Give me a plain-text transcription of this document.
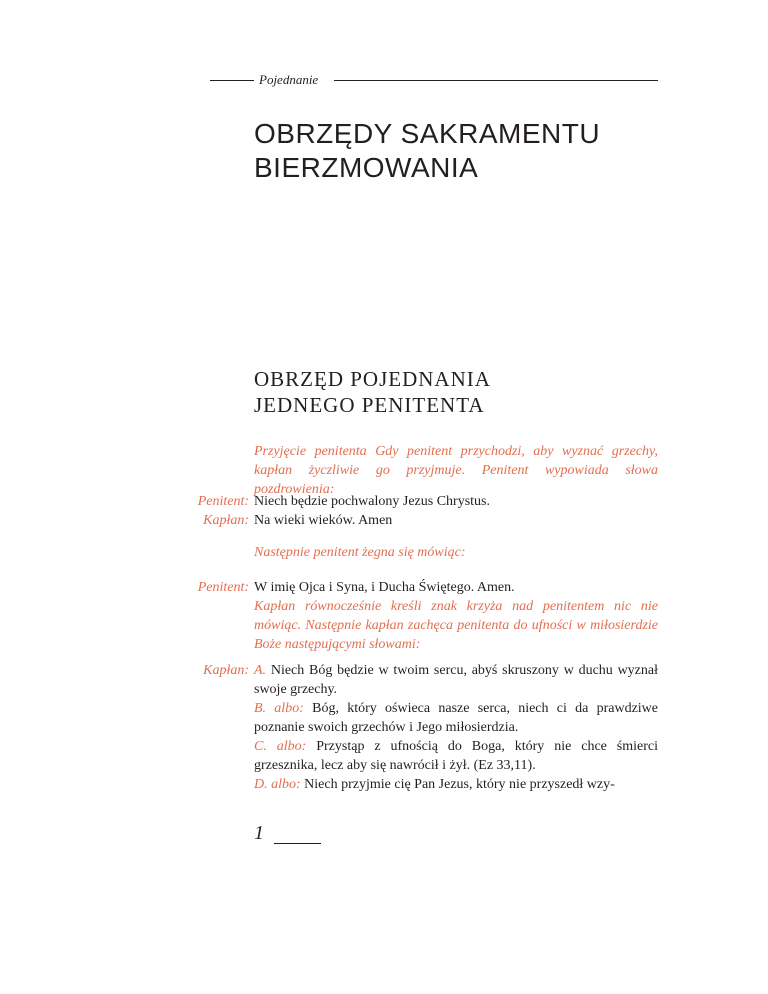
Pojednanie
OBRZĘDY SAKRAMENTU
BIERZMOWANIA
OBRZĘD POJEDNANIA
JEDNEGO PENITENTA
Przyjęcie penitenta Gdy penitent przychodzi, aby wyznać grzechy, kapłan życzliwie go przyjmuje. Penitent wypowiada słowa pozdrowienia:
Penitent: Niech będzie pochwalony Jezus Chrystus.
Kapłan: Na wieki wieków. Amen
Następnie penitent żegna się mówiąc:
Penitent: W imię Ojca i Syna, i Ducha Świętego. Amen.
Kapłan równocześnie kreśli znak krzyża nad penitentem nic nie mówiąc. Następnie kapłan zachęca penitenta do ufności w miłosierdzie Boże następującymi słowami:
Kapłan: A. Niech Bóg będzie w twoim sercu, abyś skruszony w duchu wyznał swoje grzechy.
B. albo: Bóg, który oświeca nasze serca, niech ci da prawdziwe poznanie swoich grzechów i Jego miłosierdzia.
C. albo: Przystąp z ufnością do Boga, który nie chce śmierci grzesznika, lecz aby się nawrócił i żył. (Ez 33,11).
D. albo: Niech przyjmie cię Pan Jezus, który nie przyszedł wzy-
1
